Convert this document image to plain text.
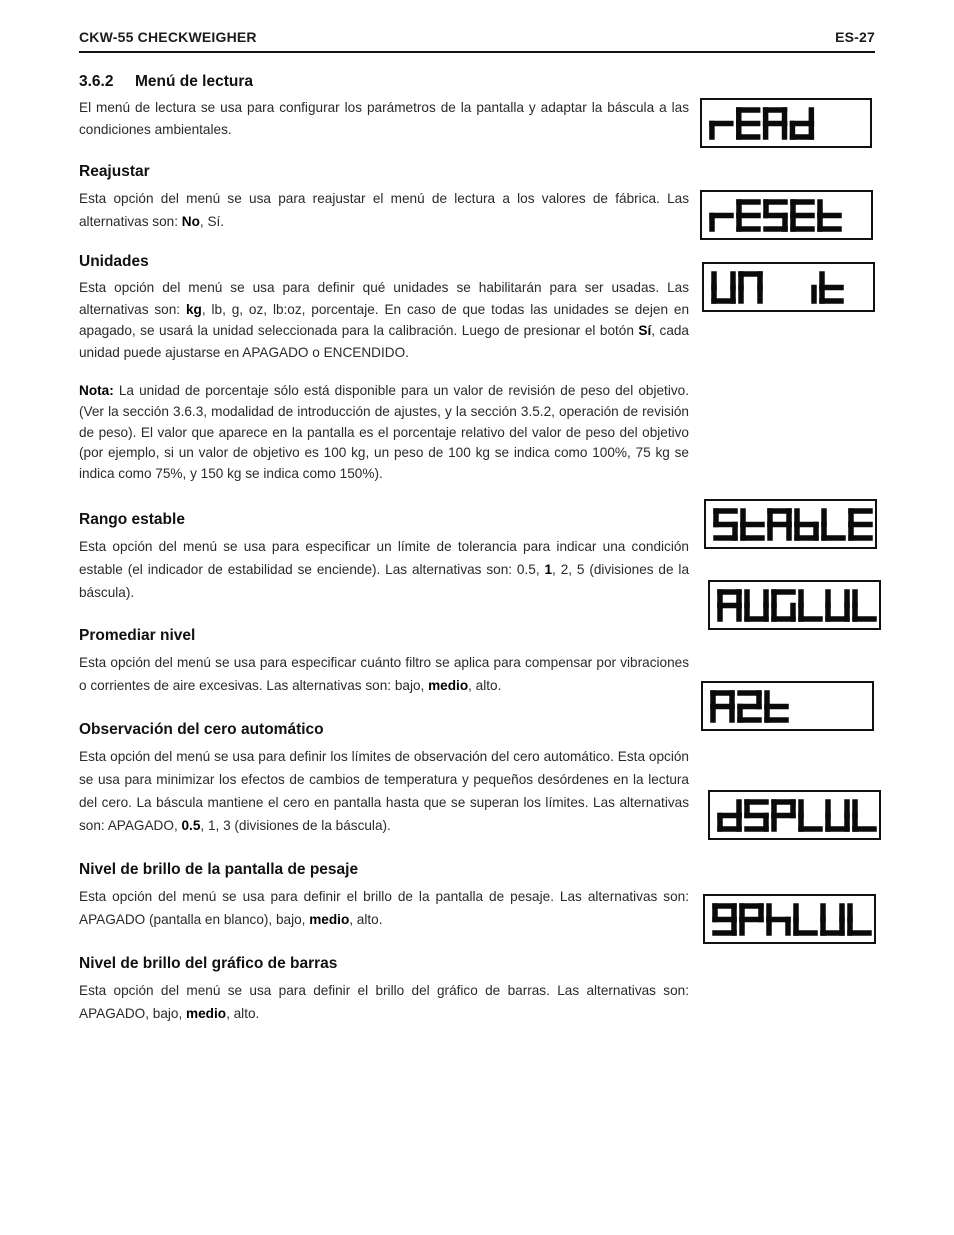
CKW-55 CHECKWEIGHER	ES-27
3.6.2 Menú de lectura

El menú de lectura se usa para configurar los parámetros de la pantalla y adaptar la báscula a las condiciones ambientales.

Reajustar

Esta opción del menú se usa para reajustar el menú de lectura a los valores de fábrica. Las alternativas son: No, Sí.

Unidades

Esta opción del menú se usa para definir qué unidades se habilitarán para ser usadas. Las alternativas son: kg, lb, g, oz, lb:oz, porcentaje. En caso de que todas las unidades se dejen en apagado, se usará la unidad seleccionada para la calibración. Luego de presionar el botón Sí, cada unidad puede ajustarse en APAGADO o ENCENDIDO.

Nota: La unidad de porcentaje sólo está disponible para un valor de revisión de peso del objetivo. (Ver la sección 3.6.3, modalidad de introducción de ajustes, y la sección 3.5.2, operación de revisión de peso). El valor que aparece en la pantalla es el porcentaje relativo del valor de peso del objetivo (por ejemplo, si un valor de objetivo es 100 kg, un peso de 100 kg se indica como 100%, 75 kg se indica como 75%, y 150 kg se indica como 150%).

Rango estable

Esta opción del menú se usa para especificar un límite de tolerancia para indicar una condición estable (el indicador de estabilidad se enciende). Las alternativas son: 0.5, 1, 2, 5 (divisiones de la báscula).

Promediar nivel

Esta opción del menú se usa para especificar cuánto filtro se aplica para compensar por vibraciones o corrientes de aire excesivas. Las alternativas son: bajo, medio, alto.

Observación del cero automático

Esta opción del menú se usa para definir los límites de observación del cero automático. Esta opción se usa para minimizar los efectos de cambios de temperatura y pequeños desórdenes en la lectura del cero. La báscula mantiene el cero en pantalla hasta que se superan los límites. Las alternativas son: APAGADO, 0.5, 1, 3 (divisiones de la báscula).

Nivel de brillo de la pantalla de pesaje

Esta opción del menú se usa para definir el brillo de la pantalla de pesaje. Las alternativas son: APAGADO (pantalla en blanco), bajo, medio, alto.

Nivel de brillo del gráfico de barras

Esta opción del menú se usa para definir el brillo del gráfico de barras. Las alternativas son: APAGADO, bajo, medio, alto.
